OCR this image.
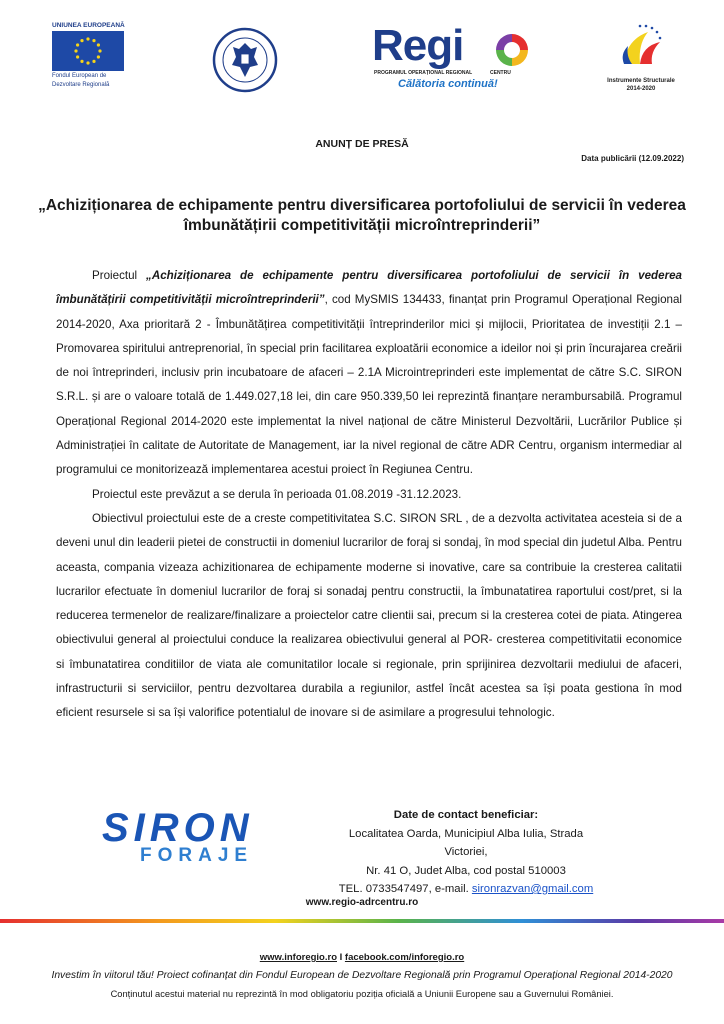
UNIUNEA EUROPEANĂ
Fondul European de
Dezvoltare Regională
Regi
PROGRAMUL OPERAȚIONAL REGIONAL	CENTRU
Călătoria continuă!	Instrumente Structurale
2014-2020
ANUNȚ DE PRESĂ
Data publicării (12.09.2022)
„Achiziționarea de echipamente pentru diversificarea portofoliului de servicii în vederea îmbunătățirii competitivității microîntreprinderii”

Proiectul „Achiziționarea de echipamente pentru diversificarea portofoliului de servicii în vederea îmbunătățirii competitivității microîntreprinderii”, cod MySMIS 134433, finanțat prin Programul Operațional Regional 2014-2020, Axa prioritară 2 - Îmbunătățirea competitivității întreprinderilor mici și mijlocii, Prioritatea de investiții 2.1 – Promovarea spiritului antreprenorial, în special prin facilitarea exploatării economice a ideilor noi și prin încurajarea creării de noi întreprinderi, inclusiv prin incubatoare de afaceri – 2.1A Microintreprinderi este implementat de către S.C. SIRON S.R.L. și are o valoare totală de 1.449.027,18 lei, din care 950.339,50 lei reprezintă finanțare nerambursabilă. Programul Operațional Regional 2014-2020 este implementat la nivel național de către Ministerul Dezvoltării, Lucrărilor Publice și Administrației în calitate de Autoritate de Management, iar la nivel regional de către ADR Centru, organism intermediar al programului ce monitorizează implementarea acestui proiect în Regiunea Centru.

Proiectul este prevăzut a se derula în perioada 01.08.2019 -31.12.2023.

Obiectivul proiectului este de a creste competitivitatea S.C. SIRON SRL , de a dezvolta activitatea acesteia si de a deveni unul din leaderii pietei de constructii in domeniul lucrarilor de foraj si sondaj, în mod special din judetul Alba. Pentru aceasta, compania vizeaza achizitionarea de echipamente moderne si inovative, care sa contribuie la cresterea calitatii lucrarilor efectuate în domeniul lucrarilor de foraj si sonadaj pentru constructii, la îmbunatatirea raportului cost/pret, si la reducerea termenelor de realizare/finalizare a proiectelor catre clientii sai, precum si la cresterea cotei de piata. Atingerea obiectivului general al proiectului conduce la realizarea obiectivului general al POR- cresterea competitivitatii economice si îmbunatatirea conditiilor de viata ale comunitatilor locale si regionale, prin sprijinirea dezvoltarii mediului de afaceri, infrastructurii si serviciilor, pentru dezvoltarea durabila a regiunilor, astfel încât acestea sa își poata gestiona în mod eficient resursele si sa își valorifice potentialul de inovare si de asimilare a progresului tehnologic.

SIRON
FORAJE
Date de contact beneficiar:
Localitatea Oarda, Municipiul Alba Iulia, Strada Victoriei,
Nr. 41 O, Judet Alba, cod postal 510003
TEL. 0733547497, e-mail. sironrazvan@gmail.com
www.regio-adrcentru.ro
www.inforegio.ro I facebook.com/inforegio.ro
Investim în viitorul tău! Proiect cofinanțat din Fondul European de Dezvoltare Regională prin Programul Operațional Regional 2014-2020
Conținutul acestui material nu reprezintă în mod obligatoriu poziția oficială a Uniunii Europene sau a Guvernului României.
